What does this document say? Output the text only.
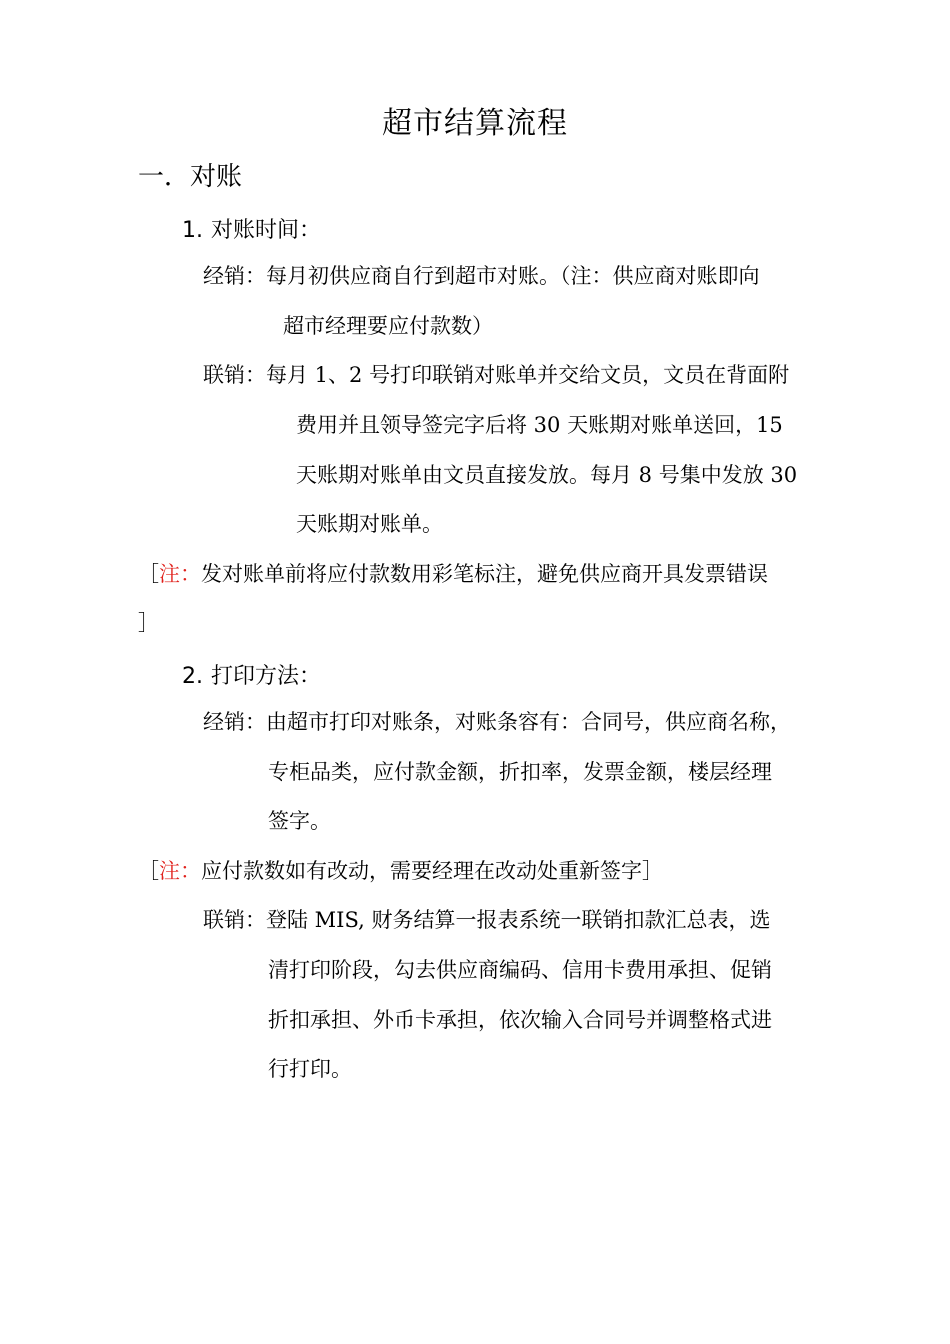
超市结算流程
一．对账
1. 对账时间：
经销：每月初供应商自行到超市对账。（注：供应商对账即向
超市经理要应付款数）
联销：每月 1、2 号打印联销对账单并交给文员，文员在背面附
费用并且领导签完字后将 30 天账期对账单送回，15
天账期对账单由文员直接发放。每月 8 号集中发放 30
天账期对账单。
［注：发对账单前将应付款数用彩笔标注，避免供应商开具发票错误
］
2. 打印方法：
经销：由超市打印对账条，对账条容有：合同号，供应商名称，
专柜品类，应付款金额，折扣率，发票金额，楼层经理
签字。
［注：应付款数如有改动，需要经理在改动处重新签字］
联销：登陆 MIS, 财务结算一报表系统一联销扣款汇总表，选
清打印阶段，勾去供应商编码、信用卡费用承担、促销
折扣承担、外币卡承担，依次输入合同号并调整格式进
行打印。
